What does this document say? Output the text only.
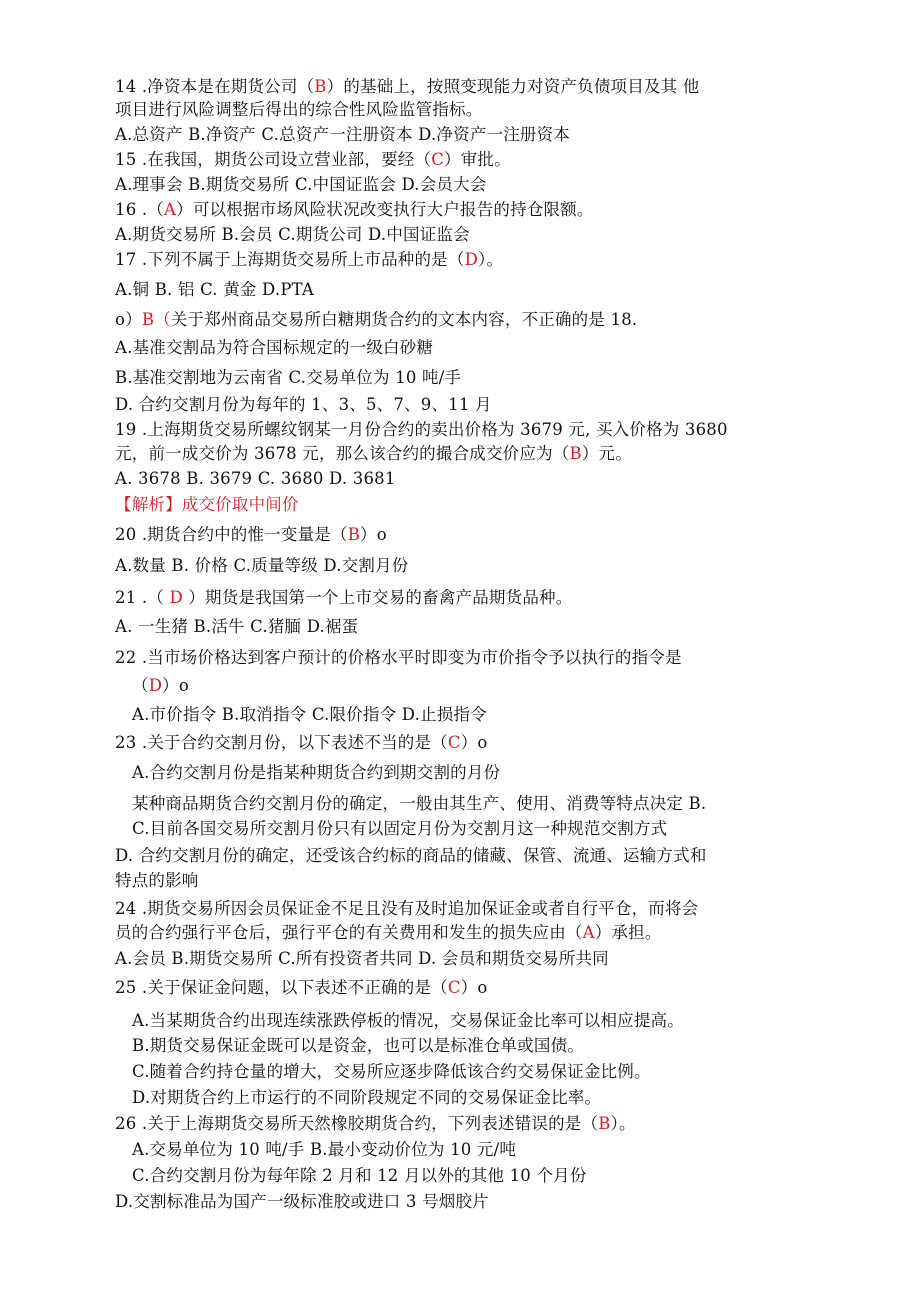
14 .净资本是在期货公司（B）的基础上，按照变现能力对资产负债项目及其 他
项目进行风险调整后得出的综合性风险监管指标。
A.总资产 B.净资产 C.总资产一注册资本 D.净资产一注册资本
15 .在我国，期货公司设立营业部，要经（C）审批。
A.理事会 B.期货交易所 C.中国证监会 D.会员大会
16 .（A）可以根据市场风险状况改变执行大户报告的持仓限额。
A.期货交易所 B.会员 C.期货公司 D.中国证监会
17 .下列不属于上海期货交易所上市品种的是（D）。
A.铜 B. 铝 C. 黄金 D.PTA
o）B（关于郑州商品交易所白糖期货合约的文本内容，不正确的是 18.
A.基准交割品为符合国标规定的一级白砂糖
B.基准交割地为云南省 C.交易单位为 10 吨/手
D. 合约交割月份为每年的 1、3、5、7、9、11 月
19 .上海期货交易所螺纹钢某一月份合约的卖出价格为 3679 元, 买入价格为 3680
元，前一成交价为 3678 元，那么该合约的撮合成交价应为（B）元。
A. 3678 B. 3679 C. 3680 D. 3681
【解析】成交价取中间价
20 .期货合约中的惟一变量是（B）o
A.数量 B. 价格 C.质量等级 D.交割月份
21 .（ D ）期货是我国第一个上市交易的畜禽产品期货品种。
A. 一生猪 B.活牛 C.猪腼 D.裾蛋
22 .当市场价格达到客户预计的价格水平时即变为市价指令予以执行的指令是
（D）o
A.市价指令 B.取消指令 C.限价指令 D.止损指令
23 .关于合约交割月份，以下表述不当的是（C）o
A.合约交割月份是指某种期货合约到期交割的月份
某种商品期货合约交割月份的确定，一般由其生产、使用、消费等特点决定 B.
C.目前各国交易所交割月份只有以固定月份为交割月这一种规范交割方式
D. 合约交割月份的确定，还受该合约标的商品的储藏、保管、流通、运输方式和
特点的影响
24 .期货交易所因会员保证金不足且没有及时追加保证金或者自行平仓，而将会
员的合约强行平仓后，强行平仓的有关费用和发生的损失应由（A）承担。
A.会员 B.期货交易所 C.所有投资者共同 D. 会员和期货交易所共同
25 .关于保证金问题，以下表述不正确的是（C）o
A.当某期货合约出现连续涨跌停板的情况，交易保证金比率可以相应提高。
B.期货交易保证金既可以是资金，也可以是标准仓单或国债。
C.随着合约持仓量的增大，交易所应逐步降低该合约交易保证金比例。
D.对期货合约上市运行的不同阶段规定不同的交易保证金比率。
26 .关于上海期货交易所天然橡胶期货合约，下列表述错误的是（B）。
A.交易单位为 10 吨/手 B.最小变动价位为 10 元/吨
C.合约交割月份为每年除 2 月和 12 月以外的其他 10 个月份
D.交割标准品为国产一级标准胶或进口 3 号烟胶片
